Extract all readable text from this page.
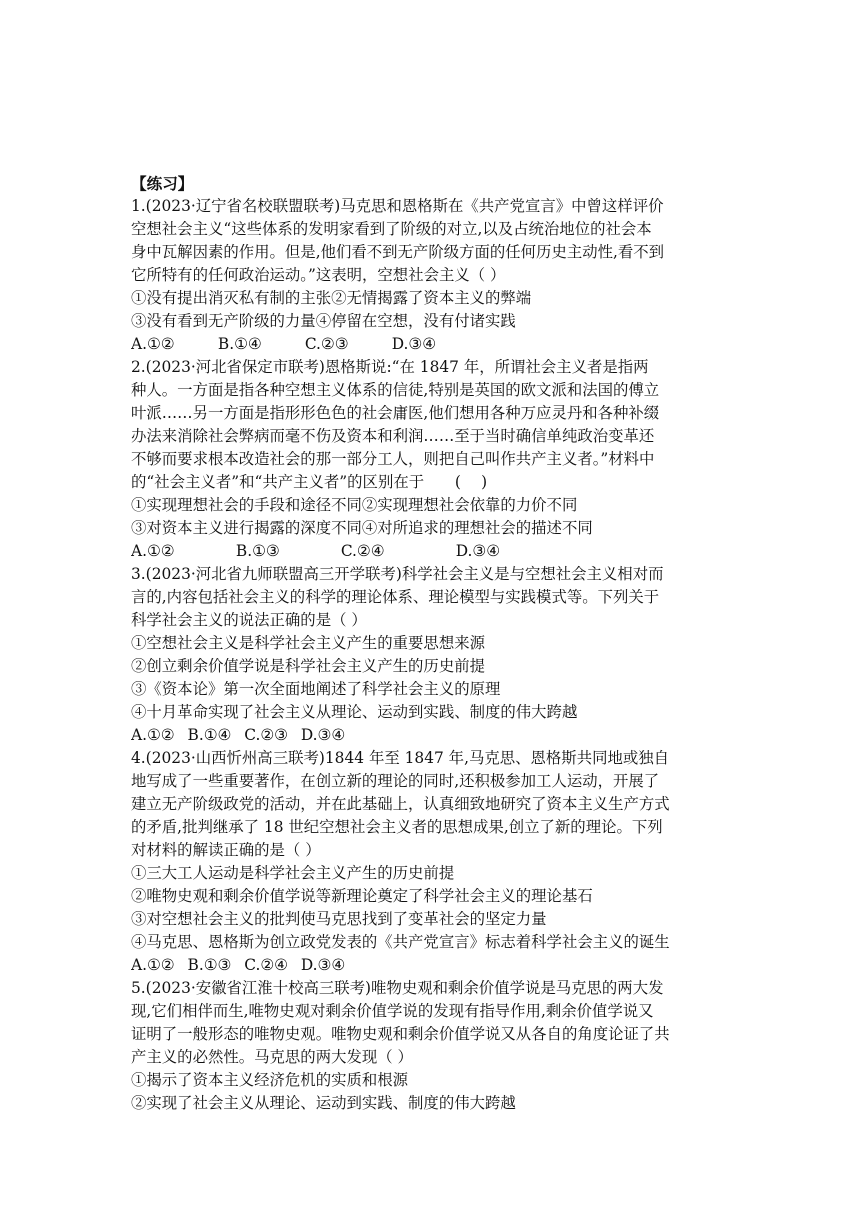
【练习】
1.(2023·辽宁省名校联盟联考)马克思和恩格斯在《共产党宣言》中曾这样评价
空想社会主义“这些体系的发明家看到了阶级的对立,以及占统治地位的社会本
身中瓦解因素的作用。但是,他们看不到无产阶级方面的任何历史主动性,看不到
它所特有的任何政治运动。”这表明，空想社会主义（ ）
①没有提出消灭私有制的主张②无情揭露了资本主义的弊端
③没有看到无产阶级的力量④停留在空想，没有付诸实践
A.①②	B.①④	C.②③	D.③④
2.(2023·河北省保定市联考)恩格斯说:“在 1847 年，所谓社会主义者是指两
种人。一方面是指各种空想主义体系的信徒,特别是英国的欧文派和法国的傅立
叶派……另一方面是指形形色色的社会庸医,他们想用各种万应灵丹和各种补缀
办法来消除社会弊病而毫不伤及资本和利润……至于当时确信单纯政治变革还
不够而要求根本改造社会的那一部分工人，则把自己叫作共产主义者。”材料中
的“社会主义者”和“共产主义者”的区别在于　　(　 )
①实现理想社会的手段和途径不同②实现理想社会依靠的力价不同
③对资本主义进行揭露的深度不同④对所追求的理想社会的描述不同
A.①②	B.①③	C.②④	D.③④
3.(2023·河北省九师联盟高三开学联考)科学社会主义是与空想社会主义相对而
言的,内容包括社会主义的科学的理论体系、理论模型与实践模式等。下列关于
科学社会主义的说法正确的是（ ）
①空想社会主义是科学社会主义产生的重要思想来源
②创立剩余价值学说是科学社会主义产生的历史前提
③《资本论》第一次全面地阐述了科学社会主义的原理
④十月革命实现了社会主义从理论、运动到实践、制度的伟大跨越
A.①② B.①④ C.②③ D.③④
4.(2023·山西忻州高三联考)1844 年至 1847 年,马克思、恩格斯共同地或独自
地写成了一些重要著作，在创立新的理论的同时,还积极参加工人运动，开展了
建立无产阶级政党的活动，并在此基础上，认真细致地研究了资本主义生产方式
的矛盾,批判继承了 18 世纪空想社会主义者的思想成果,创立了新的理论。下列
对材料的解读正确的是（ ）
①三大工人运动是科学社会主义产生的历史前提
②唯物史观和剩余价值学说等新理论奠定了科学社会主义的理论基石
③对空想社会主义的批判使马克思找到了变革社会的坚定力量
④马克思、恩格斯为创立政党发表的《共产党宣言》标志着科学社会主义的诞生
A.①② B.①③ C.②④ D.③④
5.(2023·安徽省江淮十校高三联考)唯物史观和剩余价值学说是马克思的两大发
现,它们相伴而生,唯物史观对剩余价值学说的发现有指导作用,剩余价值学说又
证明了一般形态的唯物史观。唯物史观和剩余价值学说又从各自的角度论证了共
产主义的必然性。马克思的两大发现（ ）
①揭示了资本主义经济危机的实质和根源
②实现了社会主义从理论、运动到实践、制度的伟大跨越
